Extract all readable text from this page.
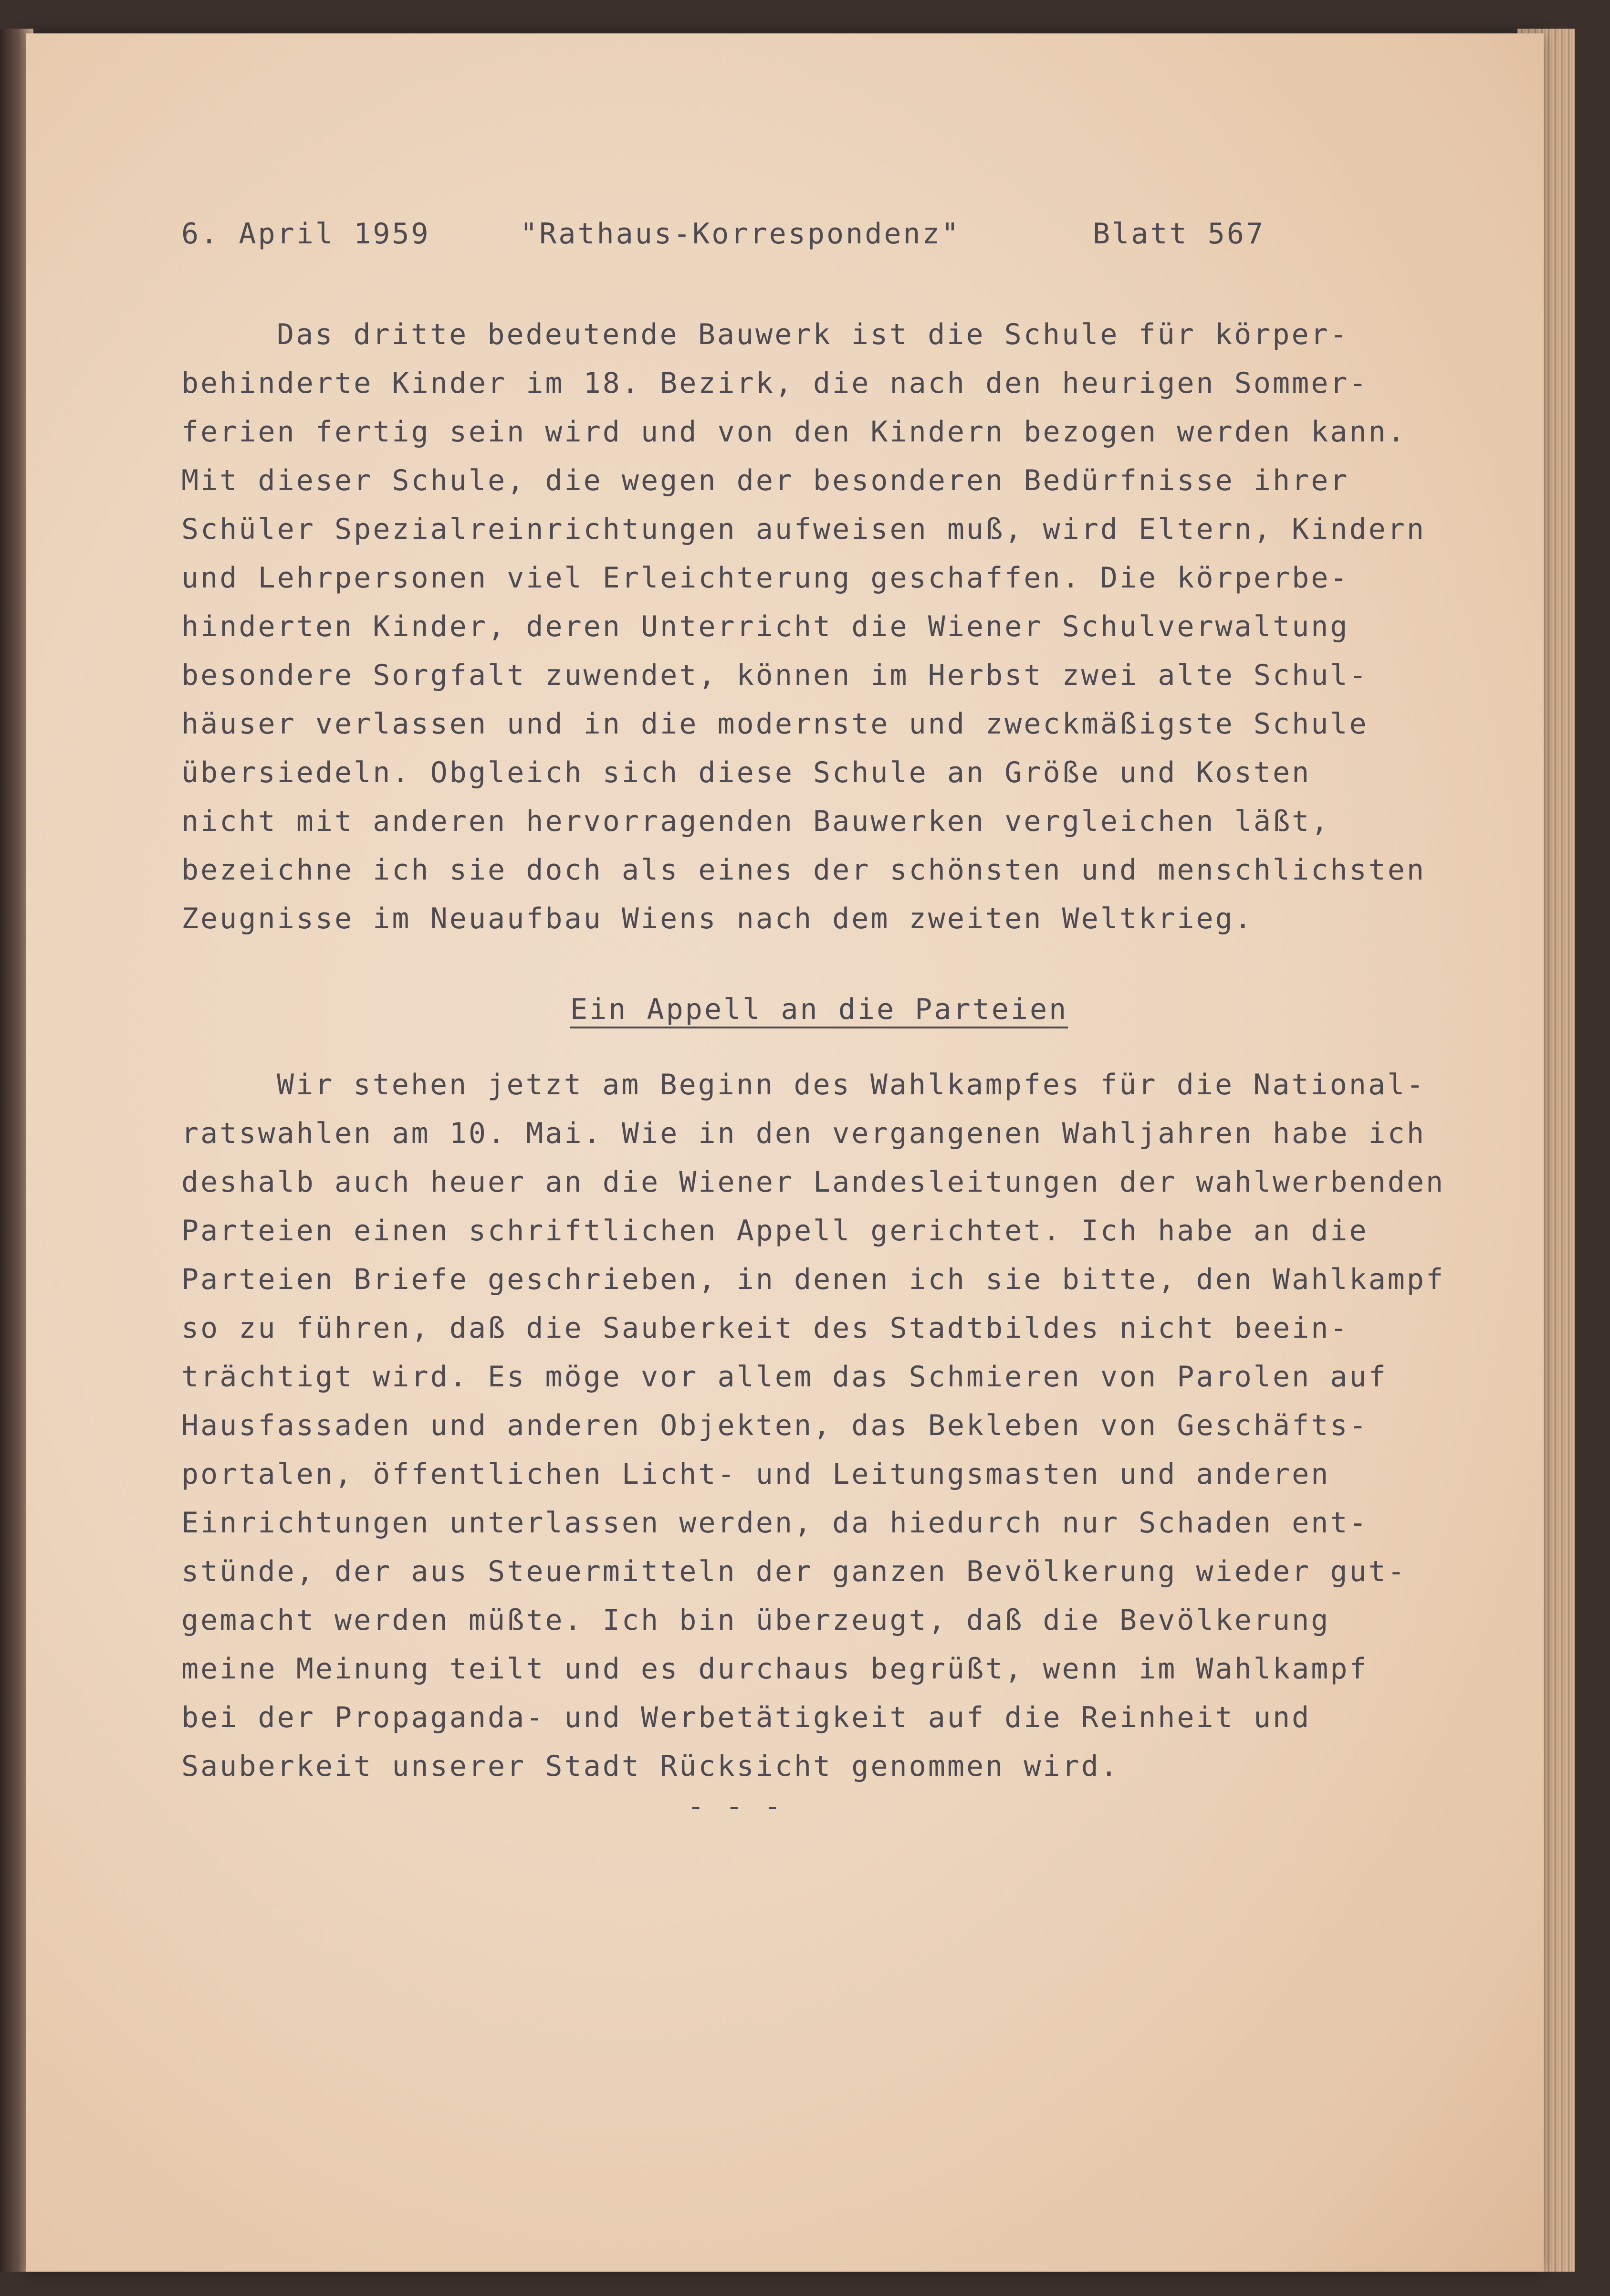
6. April 1959	"Rathaus-Korrespondenz"	Blatt 567
Das dritte bedeutende Bauwerk ist die Schule für körper-
behinderte Kinder im 18. Bezirk, die nach den heurigen Sommer-
ferien fertig sein wird und von den Kindern bezogen werden kann.
Mit dieser Schule, die wegen der besonderen Bedürfnisse ihrer
Schüler Spezialreinrichtungen aufweisen muß, wird Eltern, Kindern
und Lehrpersonen viel Erleichterung geschaffen. Die körperbe-
hinderten Kinder, deren Unterricht die Wiener Schulverwaltung
besondere Sorgfalt zuwendet, können im Herbst zwei alte Schul-
häuser verlassen und in die modernste und zweckmäßigste Schule
übersiedeln. Obgleich sich diese Schule an Größe und Kosten
nicht mit anderen hervorragenden Bauwerken vergleichen läßt,
bezeichne ich sie doch als eines der schönsten und menschlichsten
Zeugnisse im Neuaufbau Wiens nach dem zweiten Weltkrieg.
Ein Appell an die Parteien
Wir stehen jetzt am Beginn des Wahlkampfes für die National-
ratswahlen am 10. Mai. Wie in den vergangenen Wahljahren habe ich
deshalb auch heuer an die Wiener Landesleitungen der wahlwerbenden
Parteien einen schriftlichen Appell gerichtet. Ich habe an die
Parteien Briefe geschrieben, in denen ich sie bitte, den Wahlkampf
so zu führen, daß die Sauberkeit des Stadtbildes nicht beein-
trächtigt wird. Es möge vor allem das Schmieren von Parolen auf
Hausfassaden und anderen Objekten, das Bekleben von Geschäfts-
portalen, öffentlichen Licht- und Leitungsmasten und anderen
Einrichtungen unterlassen werden, da hiedurch nur Schaden ent-
stünde, der aus Steuermitteln der ganzen Bevölkerung wieder gut-
gemacht werden müßte. Ich bin überzeugt, daß die Bevölkerung
meine Meinung teilt und es durchaus begrüßt, wenn im Wahlkampf
bei der Propaganda- und Werbetätigkeit auf die Reinheit und
Sauberkeit unserer Stadt Rücksicht genommen wird.
- - -
